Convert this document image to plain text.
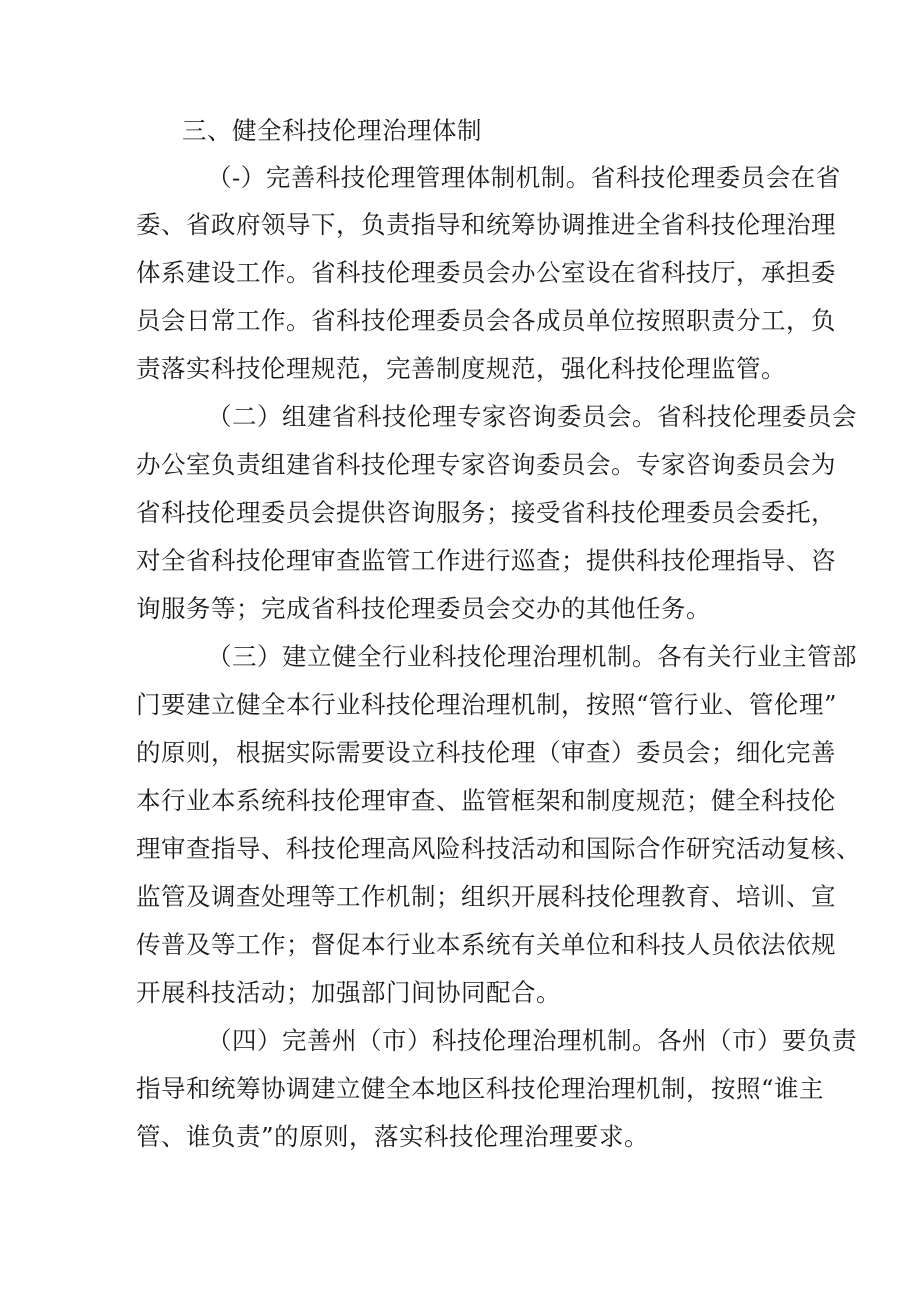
三、健全科技伦理治理体制
（-）完善科技伦理管理体制机制。省科技伦理委员会在省
委、省政府领导下，负责指导和统筹协调推进全省科技伦理治理
体系建设工作。省科技伦理委员会办公室设在省科技厅，承担委
员会日常工作。省科技伦理委员会各成员单位按照职责分工，负
责落实科技伦理规范，完善制度规范，强化科技伦理监管。
（二）组建省科技伦理专家咨询委员会。省科技伦理委员会
办公室负责组建省科技伦理专家咨询委员会。专家咨询委员会为
省科技伦理委员会提供咨询服务；接受省科技伦理委员会委托，
对全省科技伦理审查监管工作进行巡查；提供科技伦理指导、咨
询服务等；完成省科技伦理委员会交办的其他任务。
（三）建立健全行业科技伦理治理机制。各有关行业主管部
门要建立健全本行业科技伦理治理机制，按照“管行业、管伦理”
的原则，根据实际需要设立科技伦理（审查）委员会；细化完善
本行业本系统科技伦理审查、监管框架和制度规范；健全科技伦
理审查指导、科技伦理高风险科技活动和国际合作研究活动复核、
监管及调查处理等工作机制；组织开展科技伦理教育、培训、宣
传普及等工作；督促本行业本系统有关单位和科技人员依法依规
开展科技活动；加强部门间协同配合。
（四）完善州（市）科技伦理治理机制。各州（市）要负责
指导和统筹协调建立健全本地区科技伦理治理机制，按照“谁主
管、谁负责”的原则，落实科技伦理治理要求。
